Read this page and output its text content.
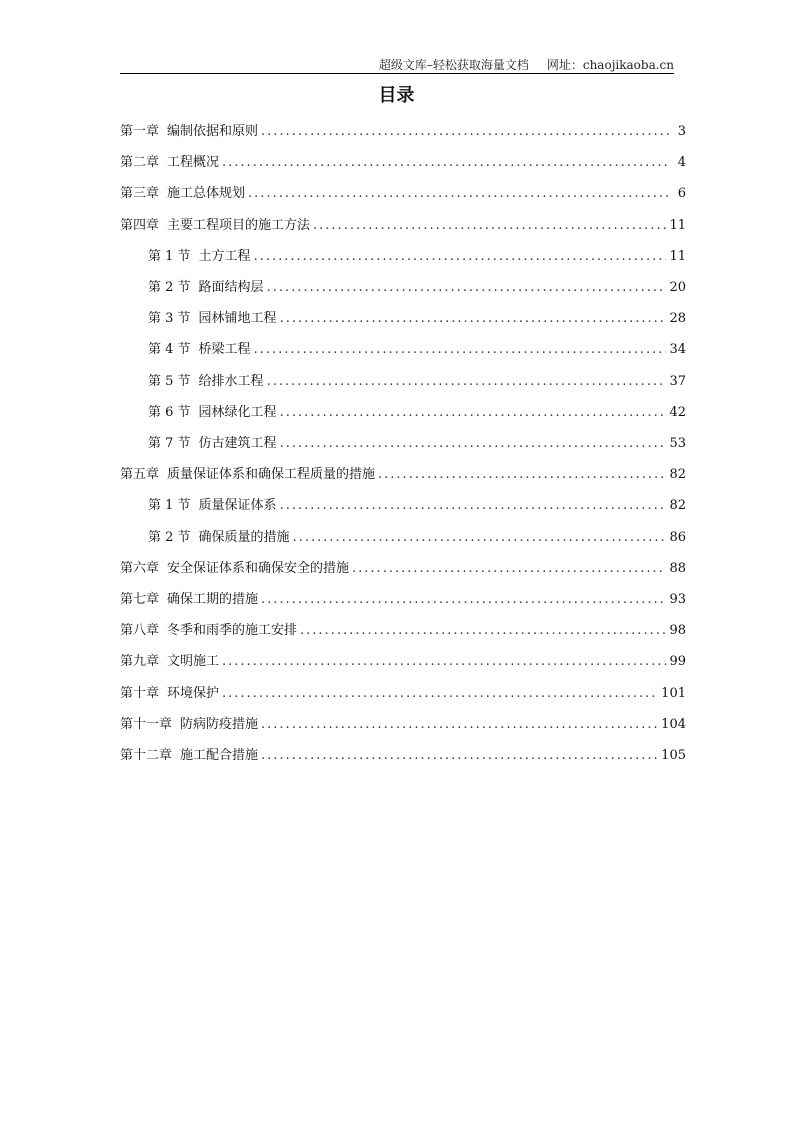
超级文库–轻松获取海量文档 网址：chaojikaoba.cn
目录
第一章 编制依据和原则 .....	3
第二章 工程概况 .....	4
第三章 施工总体规划 .....	6
第四章 主要工程项目的施工方法 .....	11
第 1 节 土方工程 .....	11
第 2 节 路面结构层 .....	20
第 3 节 园林铺地工程 .....	28
第 4 节 桥梁工程 .....	34
第 5 节 给排水工程 .....	37
第 6 节 园林绿化工程 .....	42
第 7 节 仿古建筑工程 .....	53
第五章 质量保证体系和确保工程质量的措施 .....	82
第 1 节 质量保证体系 .....	82
第 2 节 确保质量的措施 .....	86
第六章 安全保证体系和确保安全的措施 .....	88
第七章 确保工期的措施 .....	93
第八章 冬季和雨季的施工安排 .....	98
第九章 文明施工 .....	99
第十章 环境保护 .....	101
第十一章 防病防疫措施 .....	104
第十二章 施工配合措施 .....	105
